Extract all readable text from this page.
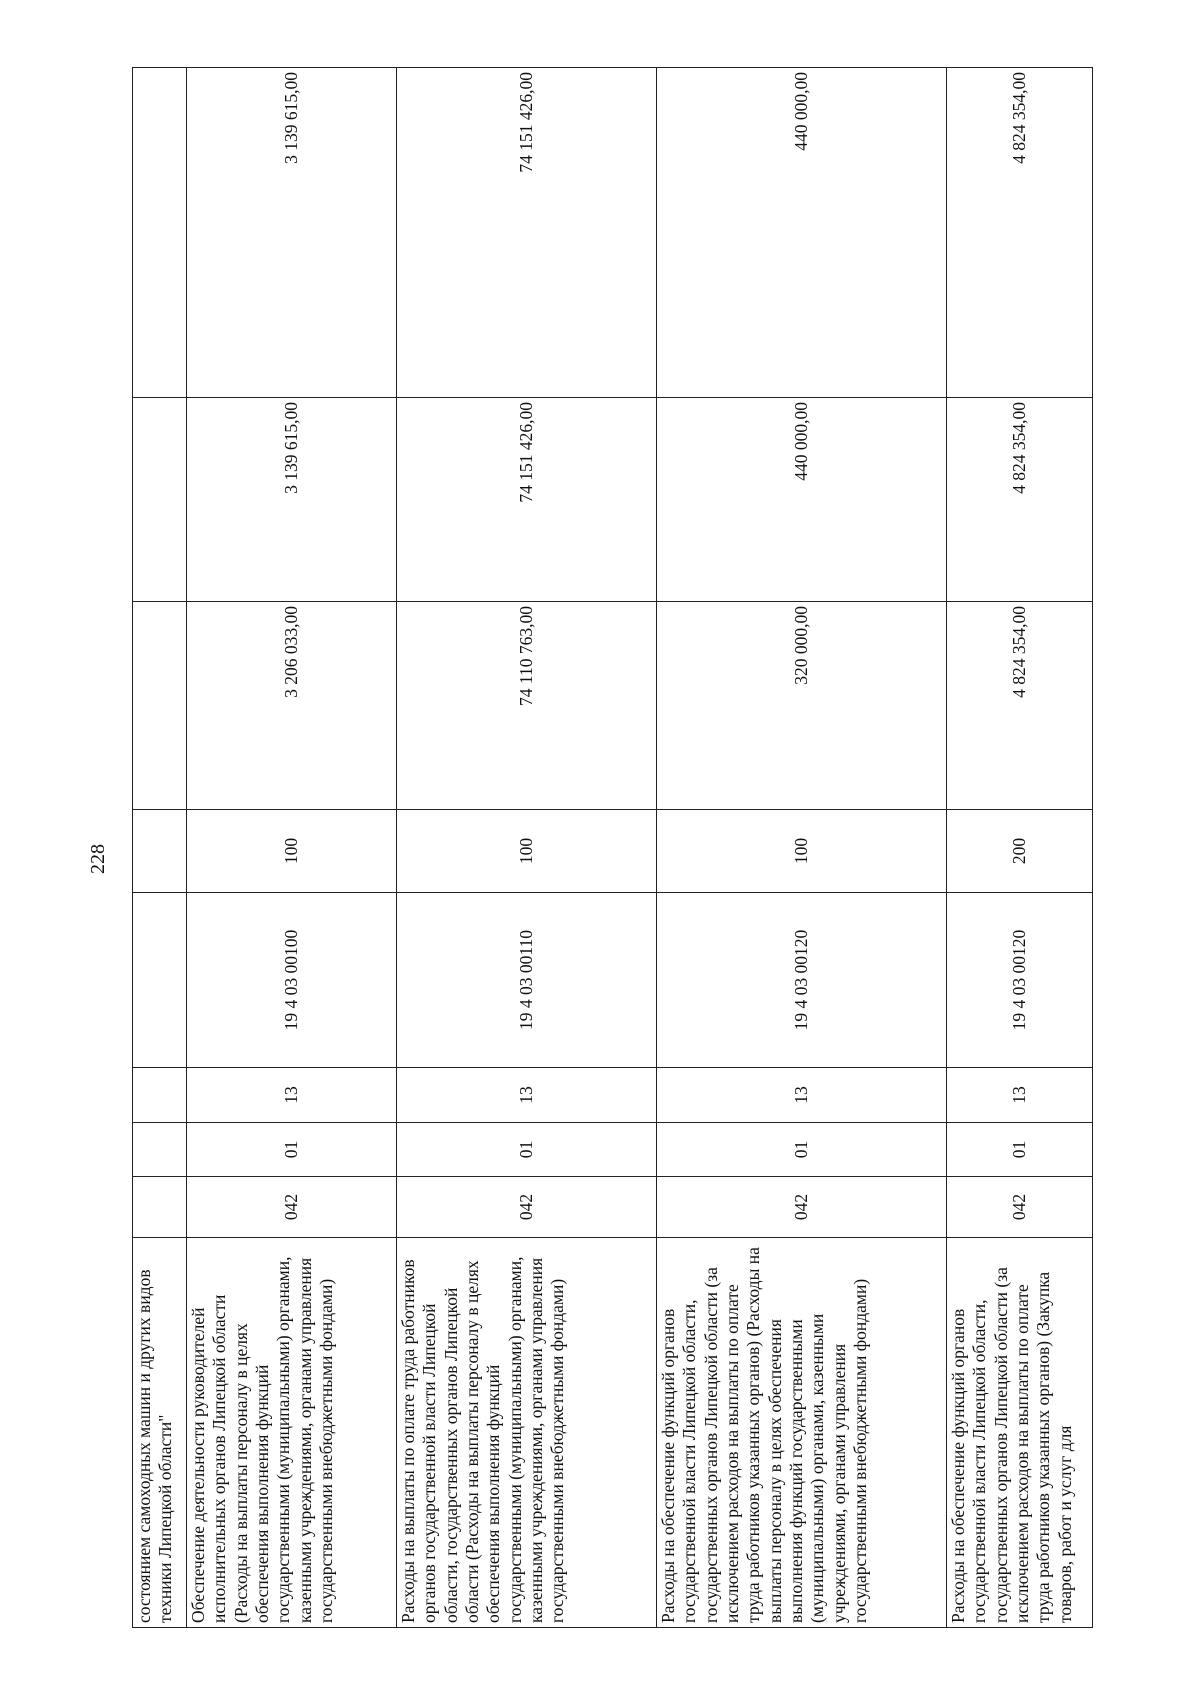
228
состоянием самоходных машин и других видов техники Липецкой области"								
Обеспечение деятельности руководителей исполнительных органов Липецкой области (Расходы на выплаты персоналу в целях обеспечения выполнения функций государственными (муниципальными) органами, казенными учреждениями, органами управления государственными внебюджетными фондами)	042	01	13	19 4 03 00100	100	3 206 033,00	3 139 615,00	3 139 615,00
Расходы на выплаты по оплате труда работников органов государственной власти Липецкой области, государственных органов Липецкой области (Расходы на выплаты персоналу в целях обеспечения выполнения функций государственными (муниципальными) органами, казенными учреждениями, органами управления государственными внебюджетными фондами)	042	01	13	19 4 03 00110	100	74 110 763,00	74 151 426,00	74 151 426,00
Расходы на обеспечение функций органов государственной власти Липецкой области, государственных органов Липецкой области (за исключением расходов на выплаты по оплате труда работников указанных органов) (Расходы на выплаты персоналу в целях обеспечения выполнения функций государственными (муниципальными) органами, казенными учреждениями, органами управления государственными внебюджетными фондами)	042	01	13	19 4 03 00120	100	320 000,00	440 000,00	440 000,00
Расходы на обеспечение функций органов государственной власти Липецкой области, государственных органов Липецкой области (за исключением расходов на выплаты по оплате труда работников указанных органов) (Закупка товаров, работ и услуг для	042	01	13	19 4 03 00120	200	4 824 354,00	4 824 354,00	4 824 354,00
